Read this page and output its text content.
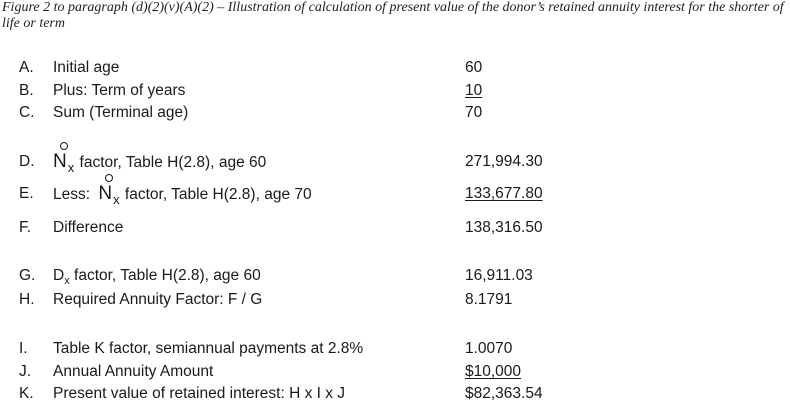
Figure 2 to paragraph (d)(2)(v)(A)(2) – Illustration of calculation of present value of the donor’s retained annuity interest for the shorter of life or term
A. Initial age	60
B. Plus: Term of years	10
C. Sum (Terminal age)	70
D. $N_x$ factor, Table H(2.8), age 60	271,994.30
E. Less: $N_x$ factor, Table H(2.8), age 70	133,677.80
F. Difference	138,316.50
G. $D_x$ factor, Table H(2.8), age 60	16,911.03
H. Required Annuity Factor: F / G	8.1791
I. Table K factor, semiannual payments at 2.8%	1.0070
J. Annual Annuity Amount	$10,000
K. Present value of retained interest: H x I x J	$82,363.54
